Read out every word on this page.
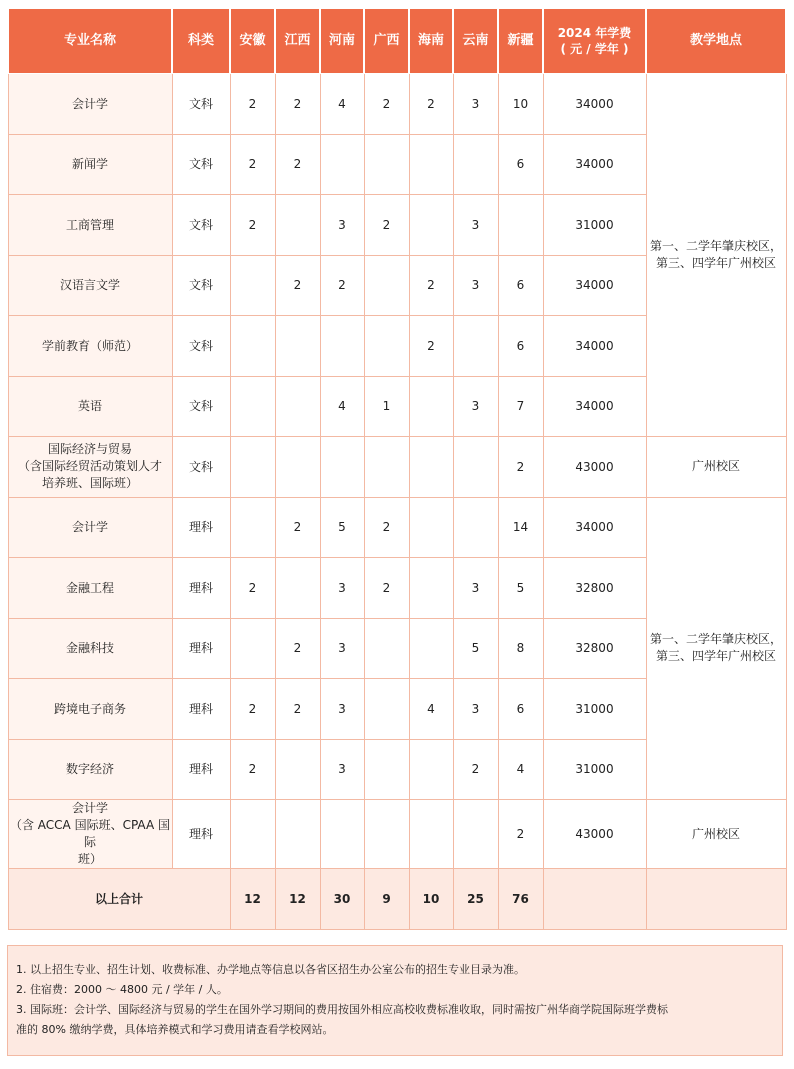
专业名称	科类	安徽	江西	河南	广西	海南	云南	新疆	2024 年学费
( 元 / 学年 )	教学地点

会计学	文科	2	2	4	2	2	3	10	34000	第一、二学年肇庆校区，
第三、四学年广州校区

新闻学	文科	2	2					6	34000	

工商管理	文科	2		3	2		3		31000	

汉语言文学	文科		2	2		2	3	6	34000	

学前教育（师范）	文科					2		6	34000	

英语	文科			4	1		3	7	34000	

国际经济与贸易
（含国际经贸活动策划人才
培养班、国际班）	文科							2	43000	广州校区

会计学	理科		2	5	2			14	34000	第一、二学年肇庆校区，
第三、四学年广州校区

金融工程	理科	2		3	2		3	5	32800	

金融科技	理科		2	3			5	8	32800	

跨境电子商务	理科	2	2	3		4	3	6	31000	

数字经济	理科	2		3			2	4	31000	

会计学
（含 ACCA 国际班、CPAA 国际
班）	理科							2	43000	广州校区
以上合计		12	12	30	9	10	25	76		

1. 以上招生专业、招生计划、收费标准、办学地点等信息以各省区招生办公室公布的招生专业目录为准。

2. 住宿费：2000 ～ 4800 元 / 学年 / 人。

3. 国际班：会计学、国际经济与贸易的学生在国外学习期间的费用按国外相应高校收费标准收取，同时需按广州华商学院国际班学费标

准的 80% 缴纳学费，具体培养模式和学习费用请查看学校网站。
